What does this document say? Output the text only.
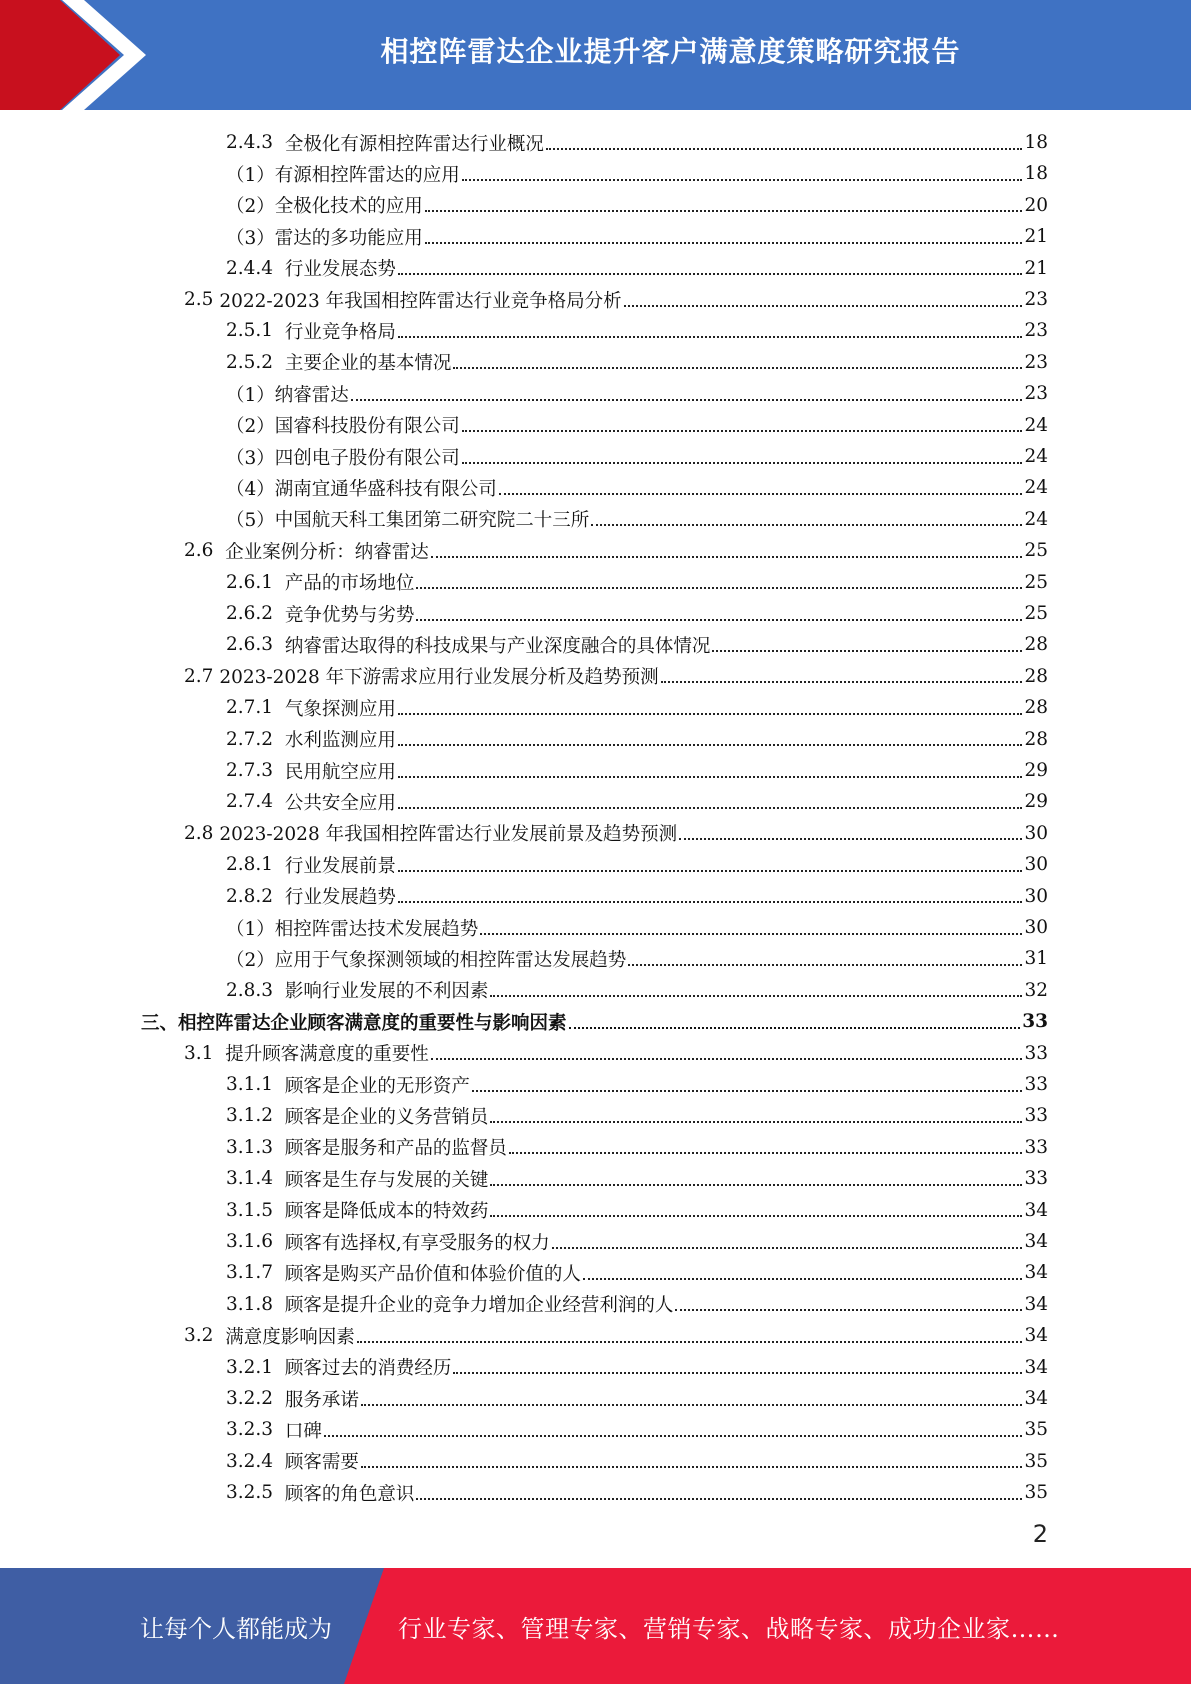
相控阵雷达企业提升客户满意度策略研究报告
2.4.3 全极化有源相控阵雷达行业概况	18
（1） 有源相控阵雷达的应用	18
（2） 全极化技术的应用	20
（3） 雷达的多功能应用	21
2.4.4 行业发展态势	21
2.5 2022-2023 年我国相控阵雷达行业竞争格局分析	23
2.5.1 行业竞争格局	23
2.5.2 主要企业的基本情况	23
（1） 纳睿雷达	23
（2） 国睿科技股份有限公司	24
（3） 四创电子股份有限公司	24
（4） 湖南宜通华盛科技有限公司	24
（5） 中国航天科工集团第二研究院二十三所	24
2.6 企业案例分析：纳睿雷达	25
2.6.1 产品的市场地位	25
2.6.2 竞争优势与劣势	25
2.6.3 纳睿雷达取得的科技成果与产业深度融合的具体情况	28
2.7 2023-2028 年下游需求应用行业发展分析及趋势预测	28
2.7.1 气象探测应用	28
2.7.2 水利监测应用	28
2.7.3 民用航空应用	29
2.7.4 公共安全应用	29
2.8 2023-2028 年我国相控阵雷达行业发展前景及趋势预测	30
2.8.1 行业发展前景	30
2.8.2 行业发展趋势	30
（1） 相控阵雷达技术发展趋势	30
（2） 应用于气象探测领域的相控阵雷达发展趋势	31
2.8.3 影响行业发展的不利因素	32
三、 相控阵雷达企业顾客满意度的重要性与影响因素	33
3.1 提升顾客满意度的重要性	33
3.1.1 顾客是企业的无形资产	33
3.1.2 顾客是企业的义务营销员	33
3.1.3 顾客是服务和产品的监督员	33
3.1.4 顾客是生存与发展的关键	33
3.1.5 顾客是降低成本的特效药	34
3.1.6 顾客有选择权,有享受服务的权力	34
3.1.7 顾客是购买产品价值和体验价值的人	34
3.1.8 顾客是提升企业的竞争力增加企业经营利润的人	34
3.2 满意度影响因素	34
3.2.1 顾客过去的消费经历	34
3.2.2 服务承诺	34
3.2.3 口碑	35
3.2.4 顾客需要	35
3.2.5 顾客的角色意识	35
2
让每个人都能成为	行业专家、管理专家、营销专家、战略专家、成功企业家……
